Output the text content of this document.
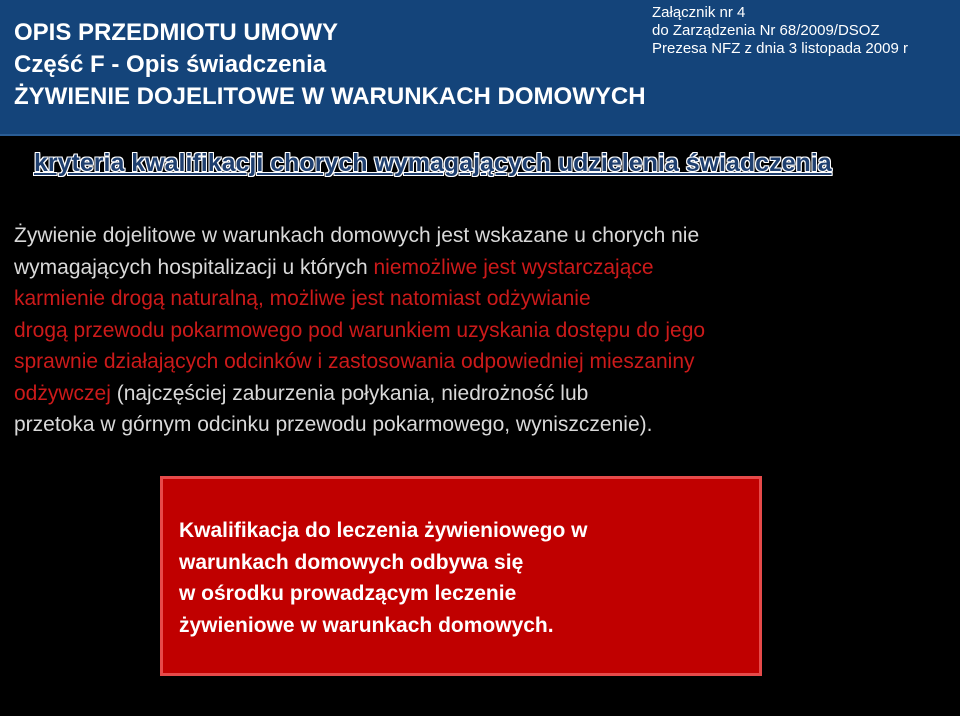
OPIS PRZEDMIOTU UMOWY
Część F - Opis świadczenia
ŻYWIENIE DOJELITOWE W WARUNKACH DOMOWYCH
Załącznik nr 4
do Zarządzenia Nr 68/2009/DSOZ
Prezesa NFZ z dnia 3 listopada 2009 r
kryteria kwalifikacji chorych wymagających udzielenia świadczenia
Żywienie dojelitowe w warunkach domowych jest wskazane u chorych nie
wymagających hospitalizacji u których niemożliwe jest wystarczające
karmienie drogą naturalną, możliwe jest natomiast odżywianie
drogą przewodu pokarmowego pod warunkiem uzyskania dostępu do jego
sprawnie działających odcinków i zastosowania odpowiedniej mieszaniny
odżywczej (najczęściej zaburzenia połykania, niedrożność lub
przetoka w górnym odcinku przewodu pokarmowego, wyniszczenie).
Kwalifikacja do leczenia żywieniowego w
warunkach domowych odbywa się
w ośrodku prowadzącym leczenie
żywieniowe w warunkach domowych.
